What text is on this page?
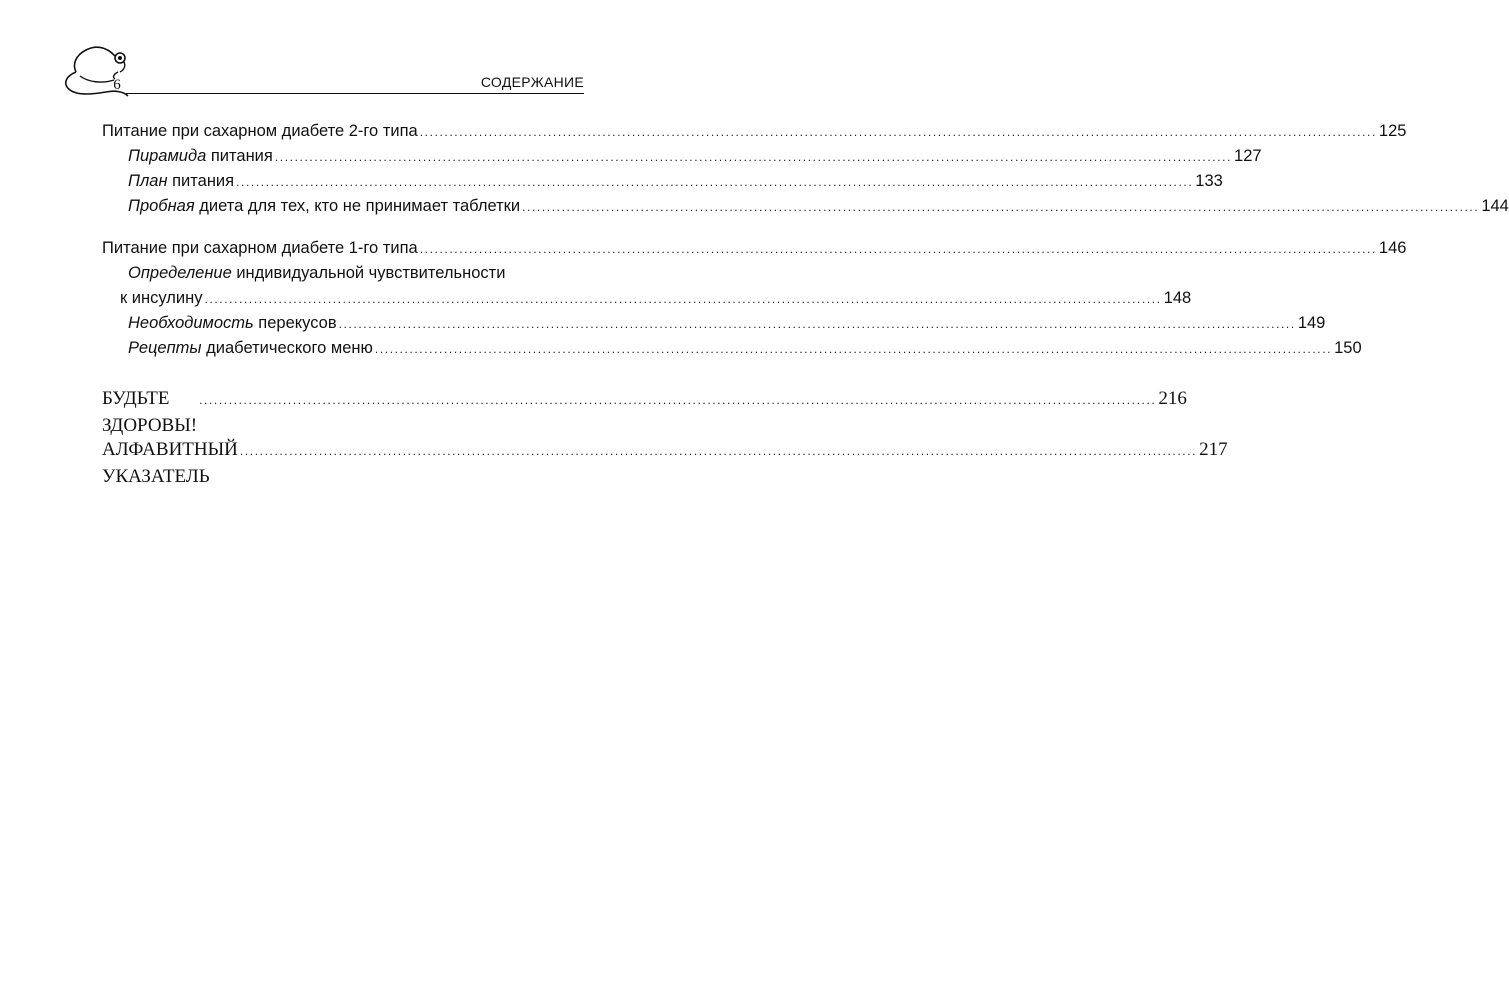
6	СОДЕРЖАНИЕ
Питание при сахарном диабете 2-го типа .................................................................................................................................................................................................. 125
Пирамида питания .................................................................................................................................................................................................. 127
План питания .................................................................................................................................................................................................. 133
Пробная диета для тех, кто не принимает таблетки .................................................................................................................................................................................................. 144
Питание при сахарном диабете 1-го типа .................................................................................................................................................................................................. 146
Определение индивидуальной чувствительности
к инсулину .................................................................................................................................................................................................. 148
Необходимость перекусов .................................................................................................................................................................................................. 149
Рецепты диабетического меню .................................................................................................................................................................................................. 150
БУДЬТЕ ЗДОРОВЫ!
.................................................................................................................................................................................................. 216
АЛФАВИТНЫЙ УКАЗАТЕЛЬ
.................................................................................................................................................................................................. 217
